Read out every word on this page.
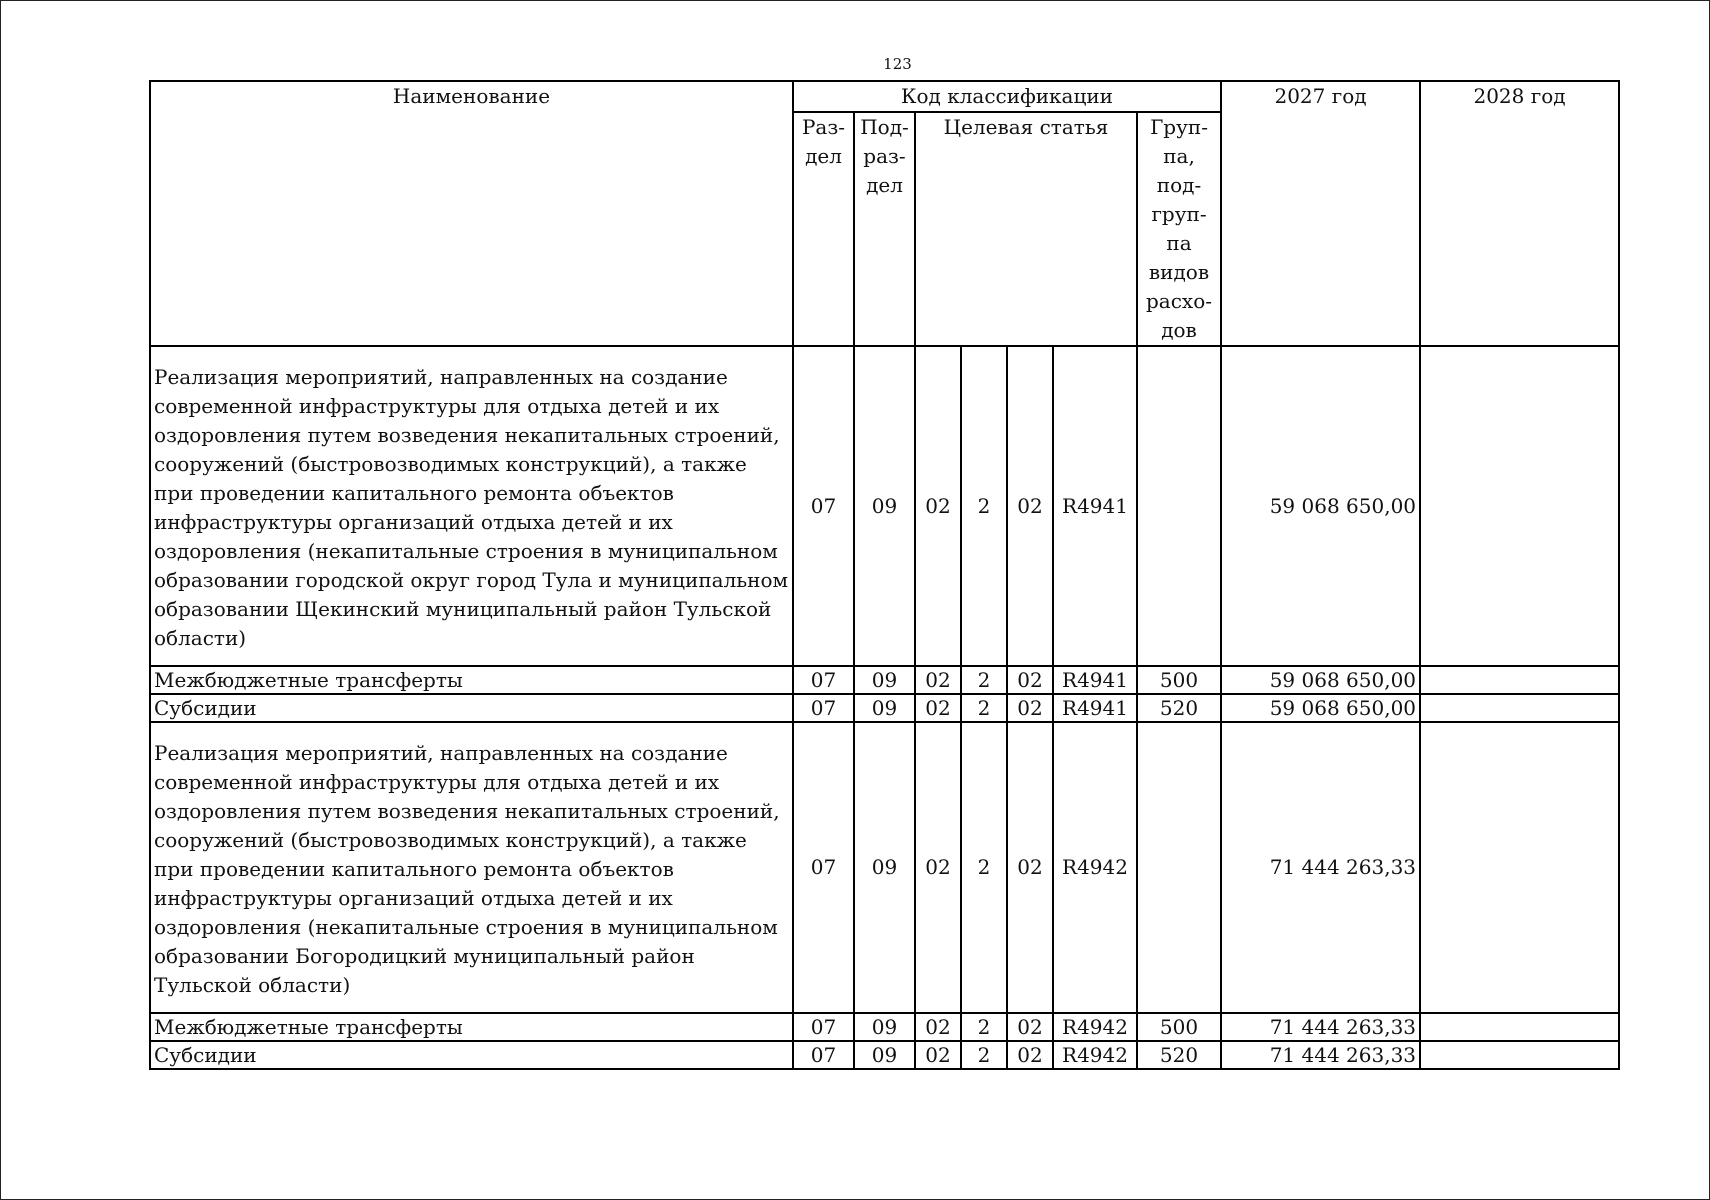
123
Наименование	Код классификации							2027 год	2028 год
	Раз-дел	Под-раз-дел	Целевая статья				Груп-па, под-груп-па видов расхо-дов		
Реализация мероприятий, направленных на создание современной инфраструктуры для отдыха детей и их оздоровления путем возведения некапитальных строений, сооружений (быстровозводимых конструкций), а также при проведении капитального ремонта объектов инфраструктуры организаций отдыха детей и их оздоровления (некапитальные строения в муниципальном образовании городской округ город Тула и муниципальном образовании Щекинский муниципальный район Тульской области)	07	09	02	2	02	R4941		59 068 650,00	
Межбюджетные трансферты	07	09	02	2	02	R4941	500	59 068 650,00	
Субсидии	07	09	02	2	02	R4941	520	59 068 650,00	
Реализация мероприятий, направленных на создание современной инфраструктуры для отдыха детей и их оздоровления путем возведения некапитальных строений, сооружений (быстровозводимых конструкций), а также при проведении капитального ремонта объектов инфраструктуры организаций отдыха детей и их оздоровления (некапитальные строения в муниципальном образовании Богородицкий муниципальный район Тульской области)	07	09	02	2	02	R4942		71 444 263,33	
Межбюджетные трансферты	07	09	02	2	02	R4942	500	71 444 263,33	
Субсидии	07	09	02	2	02	R4942	520	71 444 263,33	
